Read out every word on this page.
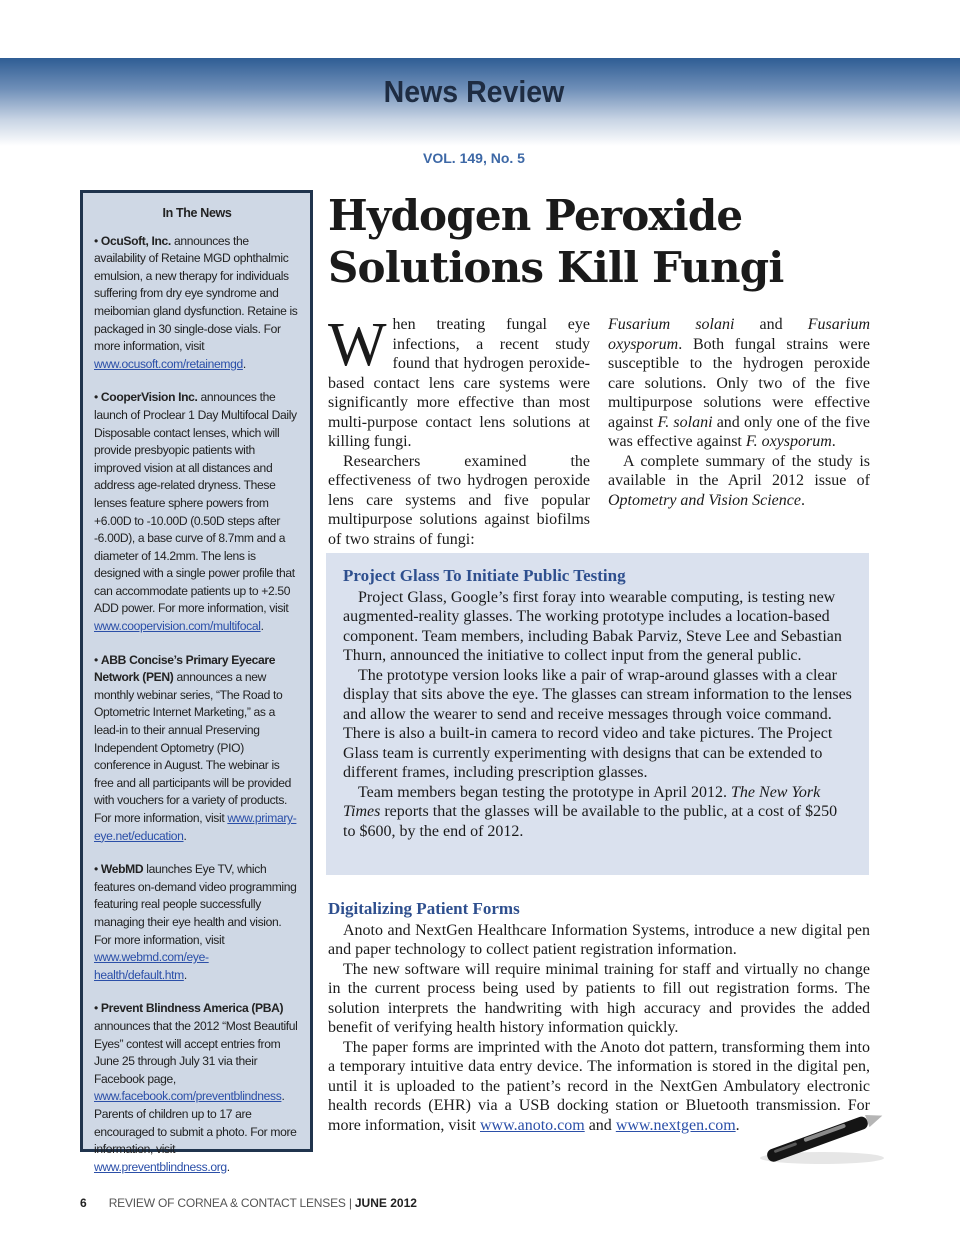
News Review
VOL. 149, No. 5
In The News
• OcuSoft, Inc. announces the availability of Retaine MGD ophthalmic emulsion, a new therapy for individuals suffering from dry eye syndrome and meibomian gland dysfunction. Retaine is packaged in 30 single-dose vials. For more information, visit www.ocusoft.com/retainemgd.
• CooperVision Inc. announces the launch of Proclear 1 Day Multifocal Daily Disposable contact lenses, which will provide presbyopic patients with improved vision at all distances and address age-related dryness. These lenses feature sphere powers from +6.00D to -10.00D (0.50D steps after -6.00D), a base curve of 8.7mm and a diameter of 14.2mm. The lens is designed with a single power profile that can accommodate patients up to +2.50 ADD power. For more information, visit www.coopervision.com/multifocal.
• ABB Concise’s Primary Eyecare Network (PEN) announces a new monthly webinar series, “The Road to Optometric Internet Marketing,” as a lead-in to their annual Preserving Independent Optometry (PIO) conference in August. The webinar is free and all participants will be provided with vouchers for a variety of products. For more information, visit www.primary-eye.net/education.
• WebMD launches Eye TV, which features on-demand video programming featuring real people successfully managing their eye health and vision. For more information, visit www.webmd.com/eye-health/default.htm.
• Prevent Blindness America (PBA) announces that the 2012 “Most Beautiful Eyes” contest will accept entries from June 25 through July 31 via their Facebook page, www.facebook.com/preventblindness. Parents of children up to 17 are encouraged to submit a photo. For more information, visit www.preventblindness.org.
Hydogen Peroxide
Solutions Kill Fungi

When treating fungal eye infections, a recent study found that hydrogen peroxide-based contact lens care systems were significantly more effective than most multi-purpose contact lens solutions at killing fungi.

Researchers examined the effectiveness of two hydrogen peroxide lens care systems and five popular multipurpose solutions against biofilms of two strains of fungi:

Fusarium solani and Fusarium oxysporum. Both fungal strains were susceptible to the hydrogen peroxide care solutions. Only two of the five multipurpose solutions were effective against F. solani and only one of the five was effective against F. oxysporum.

A complete summary of the study is available in the April 2012 issue of Optometry and Vision Science.

Project Glass To Initiate Public Testing

Project Glass, Google’s first foray into wearable computing, is testing new augmented-reality glasses. The working prototype includes a location-based component. Team members, including Babak Parviz, Steve Lee and Sebastian Thurn, announced the initiative to collect input from the general public.

The prototype version looks like a pair of wrap-around glasses with a clear display that sits above the eye. The glasses can stream information to the lenses and allow the wearer to send and receive messages through voice command. There is also a built-in camera to record video and take pictures. The Project Glass team is currently experimenting with designs that can be extended to different frames, including prescription glasses.

Team members began testing the prototype in April 2012. The New York Times reports that the glasses will be available to the public, at a cost of $250 to $600, by the end of 2012.

Digitalizing Patient Forms

Anoto and NextGen Healthcare Information Systems, introduce a new digital pen and paper technology to collect patient registration information.

The new software will require minimal training for staff and virtually no change in the current process being used by patients to fill out registration forms. The solution interprets the handwriting with high accuracy and provides the added benefit of verifying health history information quickly.

The paper forms are imprinted with the Anoto dot pattern, transforming them into a temporary intuitive data entry device. The information is stored in the digital pen, until it is uploaded to the patient’s record in the NextGen Ambulatory electronic health records (EHR) via a USB docking station or Bluetooth transmission. For more information, visit www.anoto.com and www.nextgen.com.

6 REVIEW OF CORNEA & CONTACT LENSES | JUNE 2012
